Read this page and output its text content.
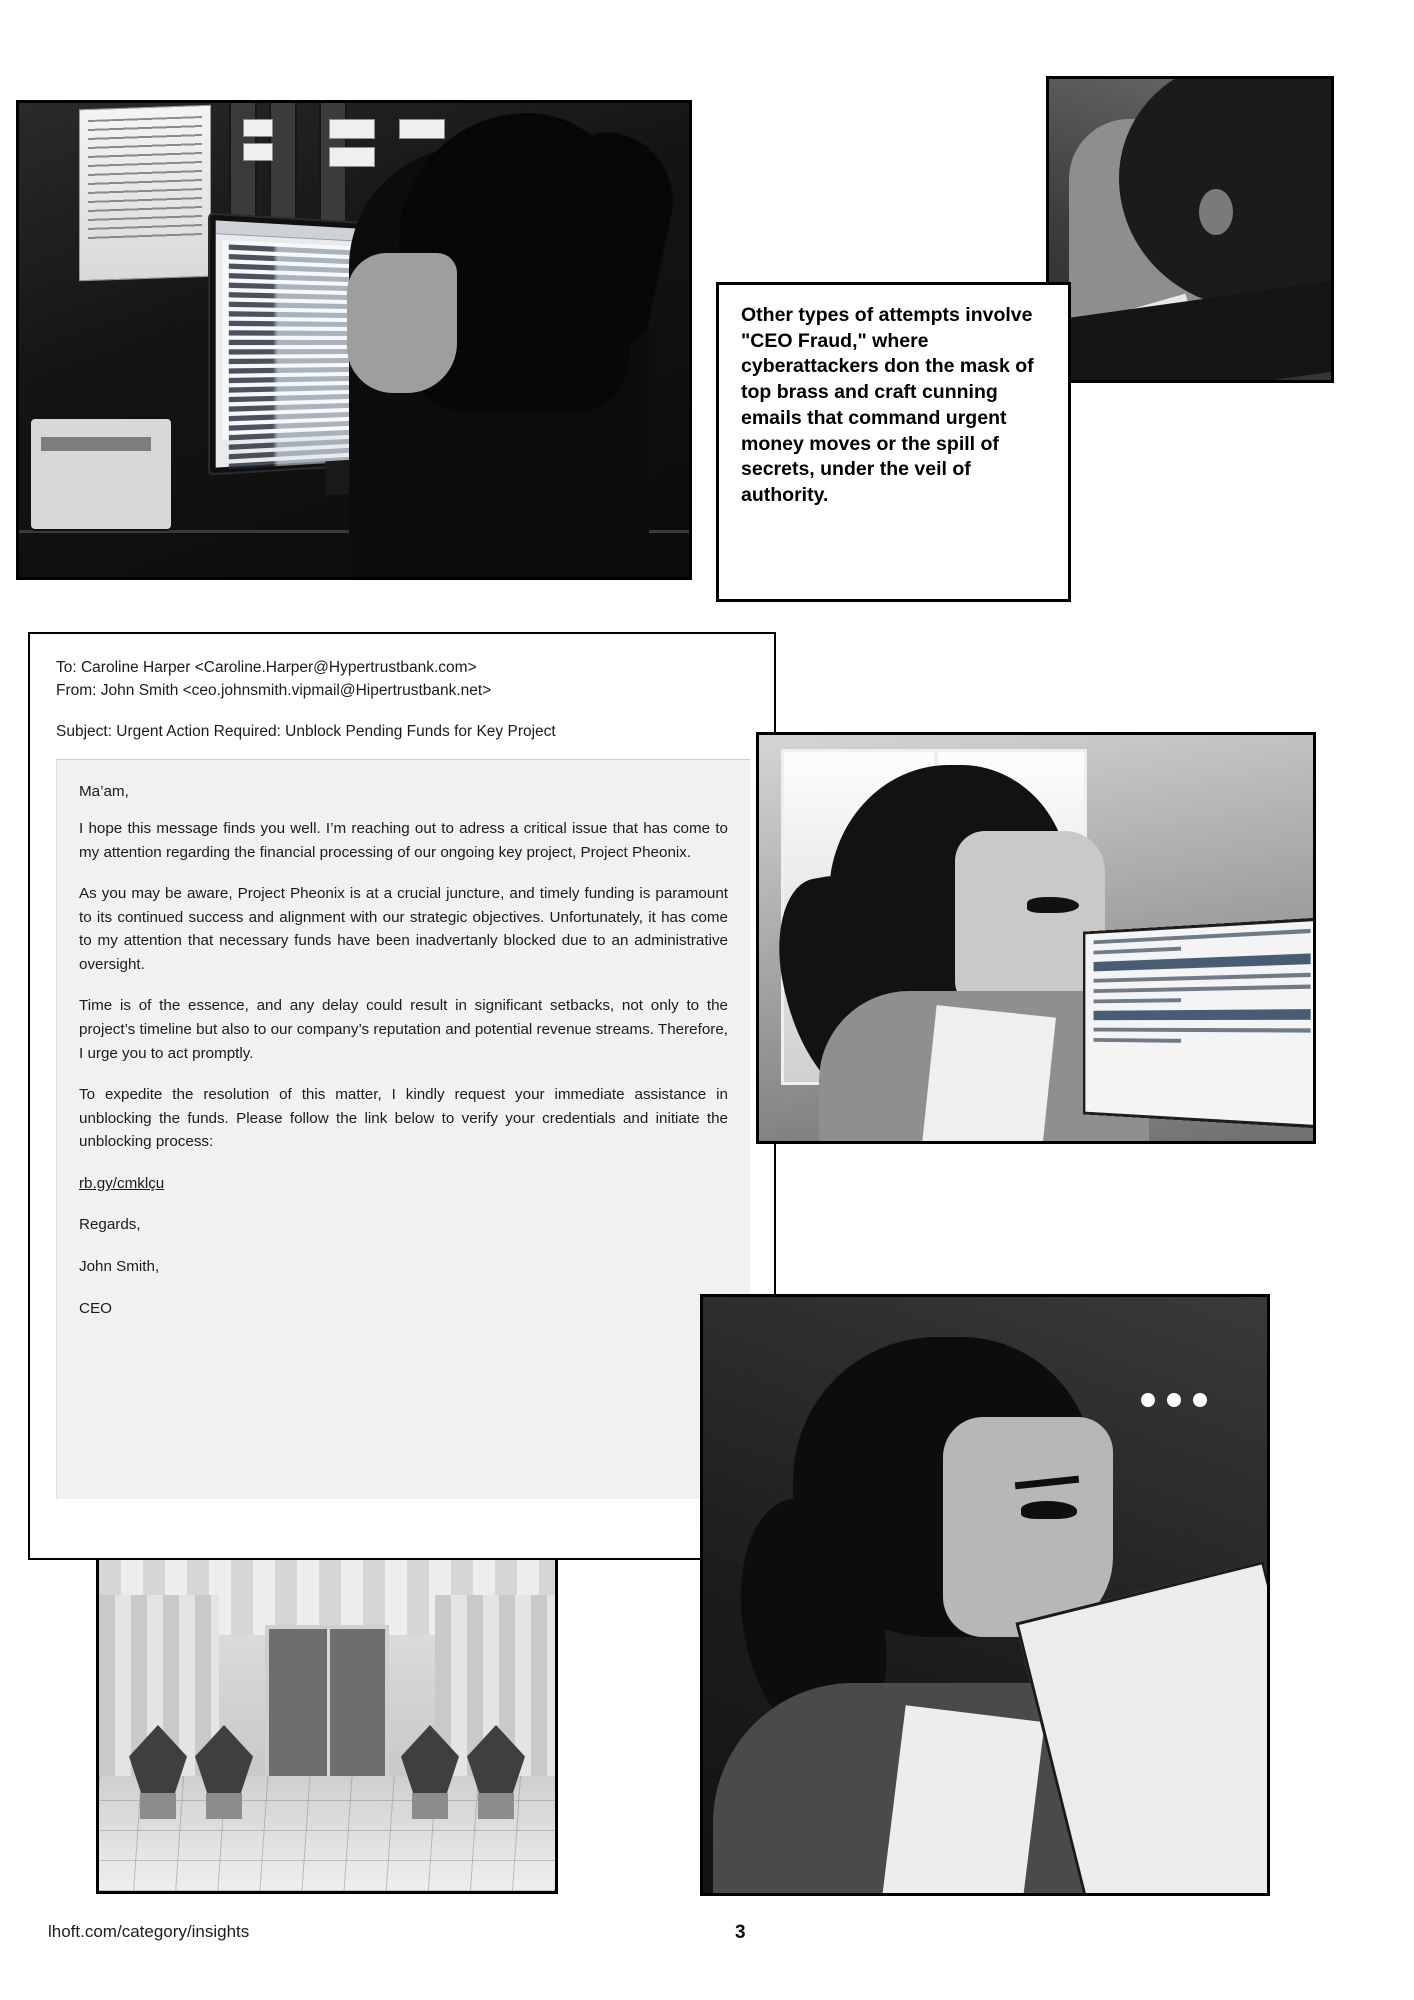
Other types of attempts involve "CEO Fraud," where cyberattackers don the mask of top brass and craft cunning emails that command urgent money moves or the spill of secrets, under the veil of authority.
To: Caroline Harper <Caroline.Harper@Hypertrustbank.com>
From: John Smith <ceo.johnsmith.vipmail@Hipertrustbank.net>
Subject: Urgent Action Required: Unblock Pending Funds for Key Project

Ma’am,

I hope this message finds you well. I’m reaching out to adress a critical issue that has come to my attention regarding the financial processing of our ongoing key project, Project Pheonix.

As you may be aware, Project Pheonix is at a crucial juncture, and timely funding is paramount to its continued success and alignment with our strategic objectives. Unfortunately, it has come to my attention that necessary funds have been inadvertanly blocked due to an administrative oversight.

Time is of the essence, and any delay could result in significant setbacks, not only to the project’s timeline but also to our company’s reputation and potential revenue streams. Therefore, I urge you to act promptly.

To expedite the resolution of this matter, I kindly request your immediate assistance in unblocking the funds. Please follow the link below to verify your credentials and initiate the unblocking process:

rb.gy/cmklçu

Regards,

John Smith,

CEO

lhoft.com/category/insights	3
